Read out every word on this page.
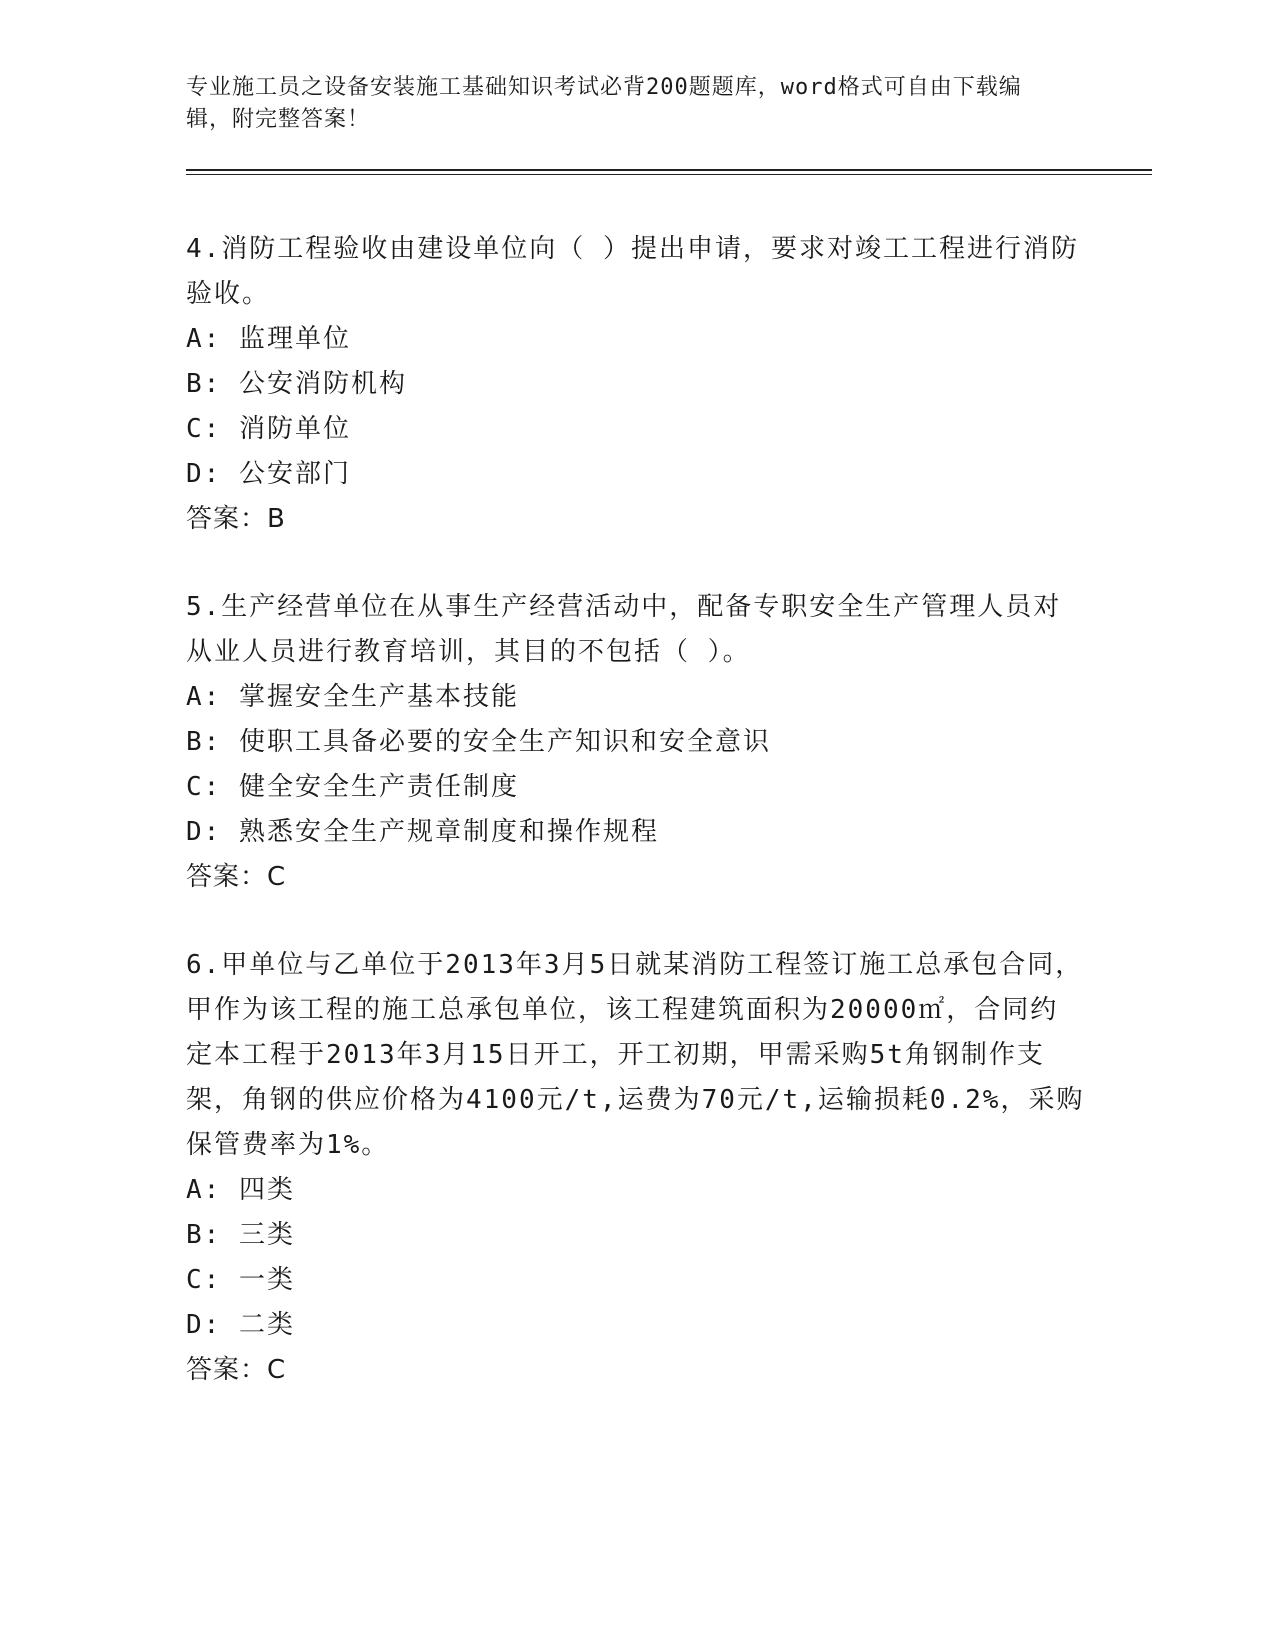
专业施工员之设备安装施工基础知识考试必背200题题库，word格式可自由下载编辑，附完整答案！

4.消防工程验收由建设单位向（ ）提出申请，要求对竣工工程进行消防验收。

A: 监理单位

B: 公安消防机构

C: 消防单位

D: 公安部门

答案：B

5.生产经营单位在从事生产经营活动中，配备专职安全生产管理人员对从业人员进行教育培训，其目的不包括（ ）。

A: 掌握安全生产基本技能

B: 使职工具备必要的安全生产知识和安全意识

C: 健全安全生产责任制度

D: 熟悉安全生产规章制度和操作规程

答案：C

6.甲单位与乙单位于2013年3月5日就某消防工程签订施工总承包合同，甲作为该工程的施工总承包单位，该工程建筑面积为20000㎡，合同约定本工程于2013年3月15日开工，开工初期，甲需采购5t角钢制作支架，角钢的供应价格为4100元/t,运费为70元/t,运输损耗0.2%，采购保管费率为1%。

A: 四类

B: 三类

C: 一类

D: 二类

答案：C
